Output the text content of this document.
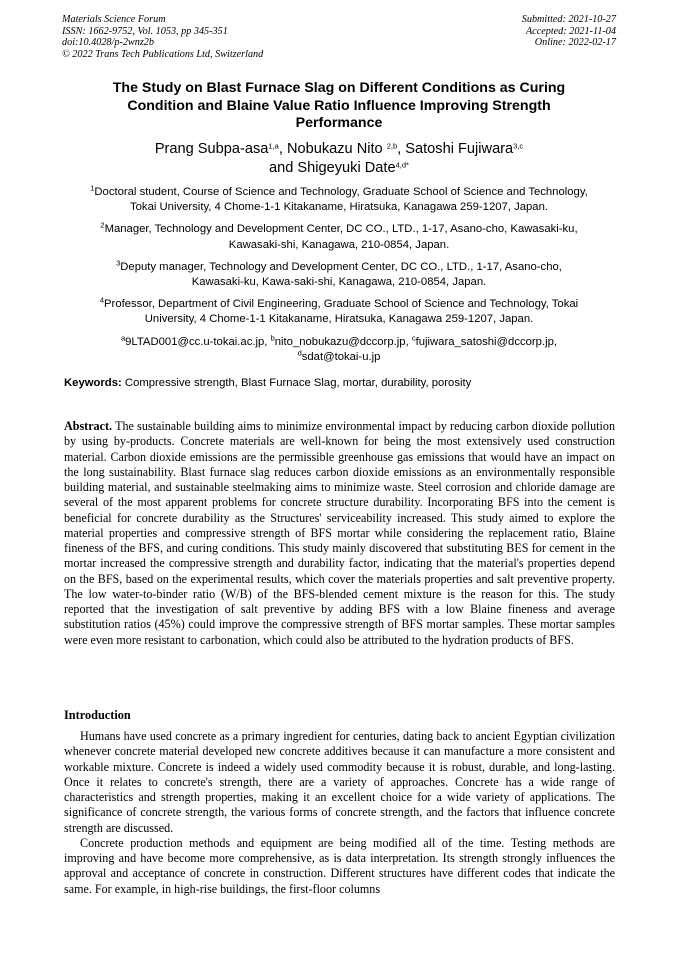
Materials Science Forum
ISSN: 1662-9752, Vol. 1053, pp 345-351
doi:10.4028/p-2wnz2b
© 2022 Trans Tech Publications Ltd, Switzerland
Submitted: 2021-10-27
Accepted: 2021-11-04
Online: 2022-02-17
The Study on Blast Furnace Slag on Different Conditions as Curing
Condition and Blaine Value Ratio Influence Improving Strength
Performance
Prang Subpa-asa$^{1,a}$, Nobukazu Nito $^{2,b}$, Satoshi Fujiwara$^{3,c}$
and Shigeyuki Date$^{4,d*}$
$^1$Doctoral student, Course of Science and Technology, Graduate School of Science and Technology,
Tokai University, 4 Chome-1-1 Kitakaname, Hiratsuka, Kanagawa 259-1207, Japan.
$^2$Manager, Technology and Development Center, DC CO., LTD., 1-17, Asano-cho, Kawasaki-ku,
Kawasaki-shi, Kanagawa, 210-0854, Japan.
$^3$Deputy manager, Technology and Development Center, DC CO., LTD., 1-17, Asano-cho,
Kawasaki-ku, Kawa-saki-shi, Kanagawa, 210-0854, Japan.
$^4$Professor, Department of Civil Engineering, Graduate School of Science and Technology, Tokai
University, 4 Chome-1-1 Kitakaname, Hiratsuka, Kanagawa 259-1207, Japan.
$^a$9LTAD001@cc.u-tokai.ac.jp, $^b$nito_nobukazu@dccorp.jp, $^c$fujiwara_satoshi@dccorp.jp,
$^d$sdat@tokai-u.jp
Keywords: Compressive strength, Blast Furnace Slag, mortar, durability, porosity
Abstract. The sustainable building aims to minimize environmental impact by reducing carbon dioxide pollution by using by-products. Concrete materials are well-known for being the most extensively used construction material. Carbon dioxide emissions are the permissible greenhouse gas emissions that would have an impact on the long sustainability. Blast furnace slag reduces carbon dioxide emissions as an environmentally responsible building material, and sustainable steelmaking aims to minimize waste. Steel corrosion and chloride damage are several of the most apparent problems for concrete structure durability. Incorporating BFS into the cement is beneficial for concrete durability as the Structures' serviceability increased. This study aimed to explore the material properties and compressive strength of BFS mortar while considering the replacement ratio, Blaine fineness of the BFS, and curing conditions. This study mainly discovered that substituting BES for cement in the mortar increased the compressive strength and durability factor, indicating that the material's properties depend on the BFS, based on the experimental results, which cover the materials properties and salt preventive property. The low water-to-binder ratio (W/B) of the BFS-blended cement mixture is the reason for this. The study reported that the investigation of salt preventive by adding BFS with a low Blaine fineness and average substitution ratios (45%) could improve the compressive strength of BFS mortar samples. These mortar samples were even more resistant to carbonation, which could also be attributed to the hydration products of BFS.
Introduction

Humans have used concrete as a primary ingredient for centuries, dating back to ancient Egyptian civilization whenever concrete material developed new concrete additives because it can manufacture a more consistent and workable mixture. Concrete is indeed a widely used commodity because it is robust, durable, and long-lasting. Once it relates to concrete's strength, there are a variety of approaches. Concrete has a wide range of characteristics and strength properties, making it an excellent choice for a wide variety of applications. The significance of concrete strength, the various forms of concrete strength, and the factors that influence concrete strength are discussed.

Concrete production methods and equipment are being modified all of the time. Testing methods are improving and have become more comprehensive, as is data interpretation. Its strength strongly influences the approval and acceptance of concrete in construction. Different structures have different codes that indicate the same. For example, in high-rise buildings, the first-floor columns
